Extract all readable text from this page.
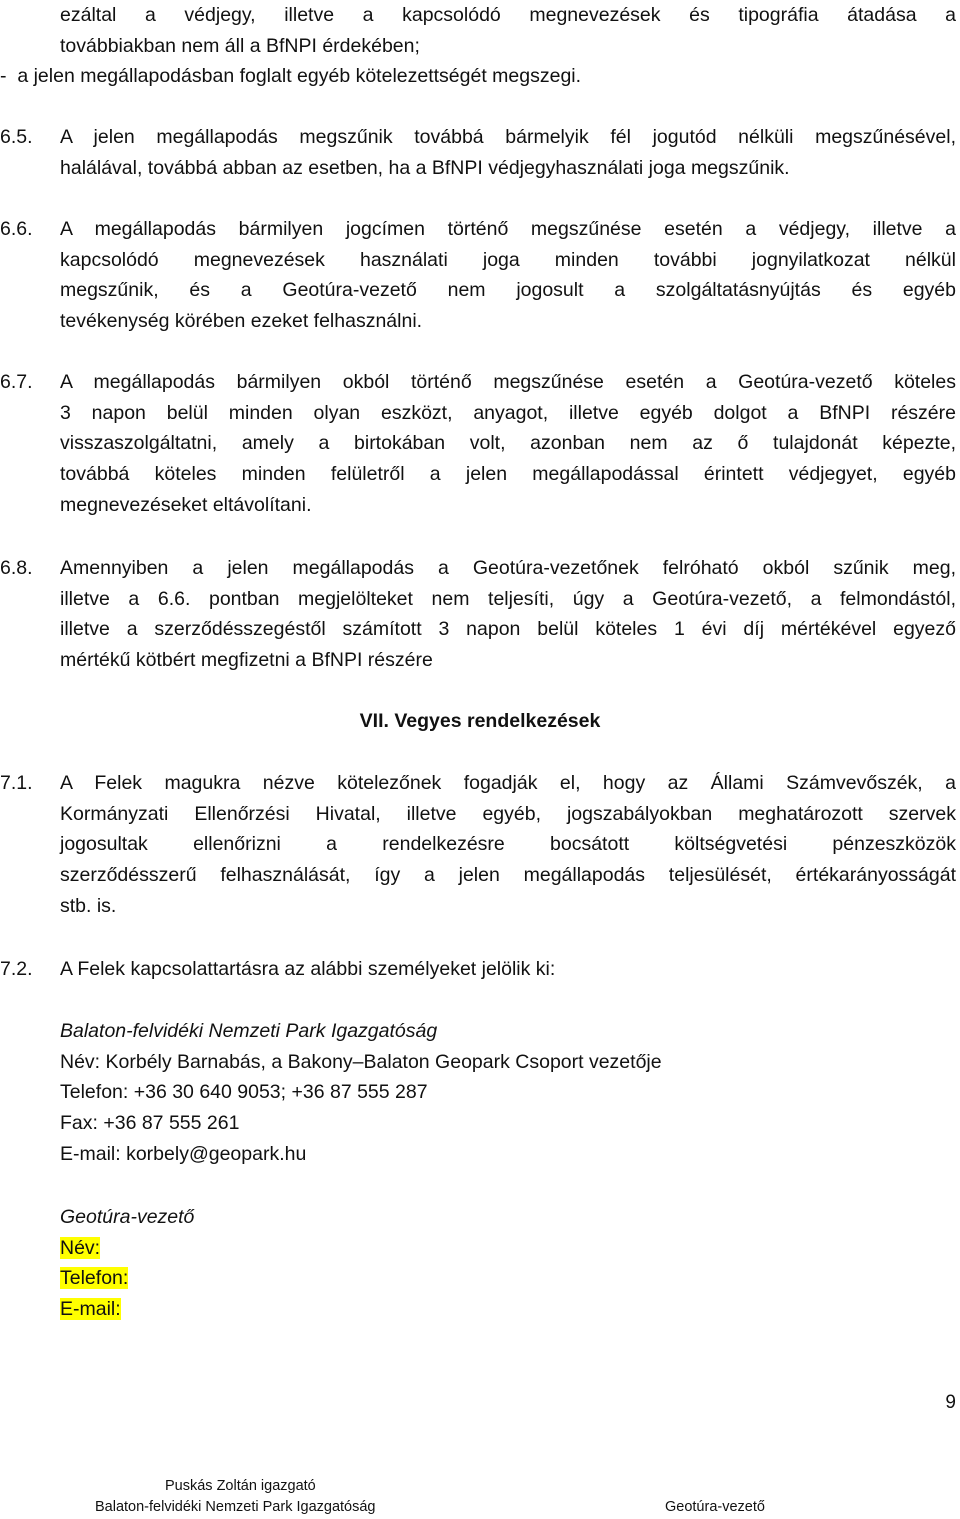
ezáltal a védjegy, illetve a kapcsolódó megnevezések és tipográfia átadása a
továbbiakban nem áll a BfNPI érdekében;
-  a jelen megállapodásban foglalt egyéb kötelezettségét megszegi.
6.5.	A jelen megállapodás megszűnik továbbá bármelyik fél jogutód nélküli megszűnésével,
halálával, továbbá abban az esetben, ha a BfNPI védjegyhasználati joga megszűnik.
6.6.	A megállapodás bármilyen jogcímen történő megszűnése esetén a védjegy, illetve a
kapcsolódó megnevezések használati joga minden további jognyilatkozat nélkül
megszűnik, és a Geotúra-vezető nem jogosult a szolgáltatásnyújtás és egyéb
tevékenység körében ezeket felhasználni.
6.7.	A megállapodás bármilyen okból történő megszűnése esetén a Geotúra-vezető köteles
3 napon belül minden olyan eszközt, anyagot, illetve egyéb dolgot a BfNPI részére
visszaszolgáltatni, amely a birtokában volt, azonban nem az ő tulajdonát képezte,
továbbá köteles minden felületről a jelen megállapodással érintett védjegyet, egyéb
megnevezéseket eltávolítani.
6.8.	Amennyiben a jelen megállapodás a Geotúra-vezetőnek felróható okból szűnik meg,
illetve a 6.6. pontban megjelölteket nem teljesíti, úgy a Geotúra-vezető, a felmondástól,
illetve a szerződésszegéstől számított 3 napon belül köteles 1 évi díj mértékével egyező
mértékű kötbért megfizetni a BfNPI részére
VII. Vegyes rendelkezések
7.1.	A Felek magukra nézve kötelezőnek fogadják el, hogy az Állami Számvevőszék, a
Kormányzati Ellenőrzési Hivatal, illetve egyéb, jogszabályokban meghatározott szervek
jogosultak ellenőrizni a rendelkezésre bocsátott költségvetési pénzeszközök
szerződésszerű felhasználását, így a jelen megállapodás teljesülését, értékarányosságát
stb. is.
7.2.	A Felek kapcsolattartásra az alábbi személyeket jelölik ki:
Balaton-felvidéki Nemzeti Park Igazgatóság
Név: Korbély Barnabás, a Bakony–Balaton Geopark Csoport vezetője
Telefon: +36 30 640 9053; +36 87 555 287
Fax: +36 87 555 261
E-mail: korbely@geopark.hu
Geotúra-vezető
Név:
Telefon:
E-mail:
9
Puskás Zoltán igazgató
Balaton-felvidéki Nemzeti Park Igazgatóság	Geotúra-vezető
